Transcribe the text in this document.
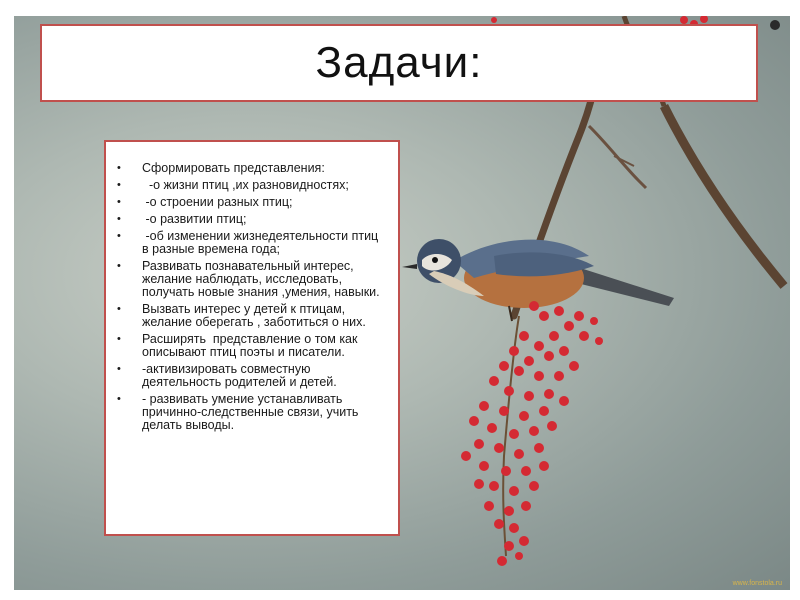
Задачи:
• Сформировать представления:
• -о жизни птиц ,их разновидностях;
• -о строении разных птиц;
• -о развитии птиц;
• -об изменении жизнедеятельности птиц в разные времена года;
• Развивать познавательный интерес, желание наблюдать, исследовать, получать новые знания ,умения, навыки.
• Вызвать интерес у детей к птицам, желание оберегать , заботиться о них.
• Расширять  представление о том как описывают птиц поэты и писатели.
• -активизировать совместную деятельность родителей и детей.
• - развивать умение устанавливать причинно-следственные связи, учить делать выводы.
www.fonstola.ru
